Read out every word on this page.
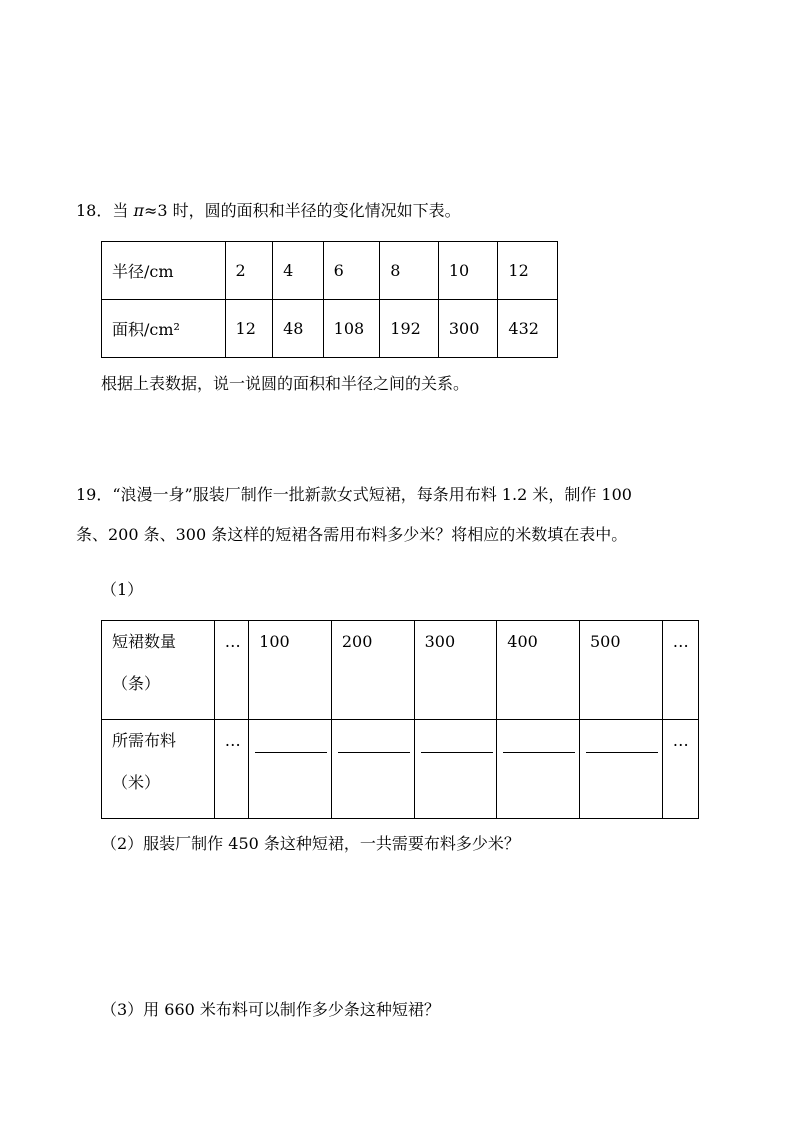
18．当 π≈3 时，圆的面积和半径的变化情况如下表。
半径/cm	2	4	6	8	10	12
面积/cm²	12	48	108	192	300	432
根据上表数据，说一说圆的面积和半径之间的关系。
19．“浪漫一身”服装厂制作一批新款女式短裙，每条用布料 1.2 米，制作 100
条、200 条、300 条这样的短裙各需用布料多少米？将相应的米数填在表中。
（1）
短裙数量
（条）	…	100	200	300	400	500	…

所需布料
（米）	…						…
（2）服装厂制作 450 条这种短裙，一共需要布料多少米？
（3）用 660 米布料可以制作多少条这种短裙？
